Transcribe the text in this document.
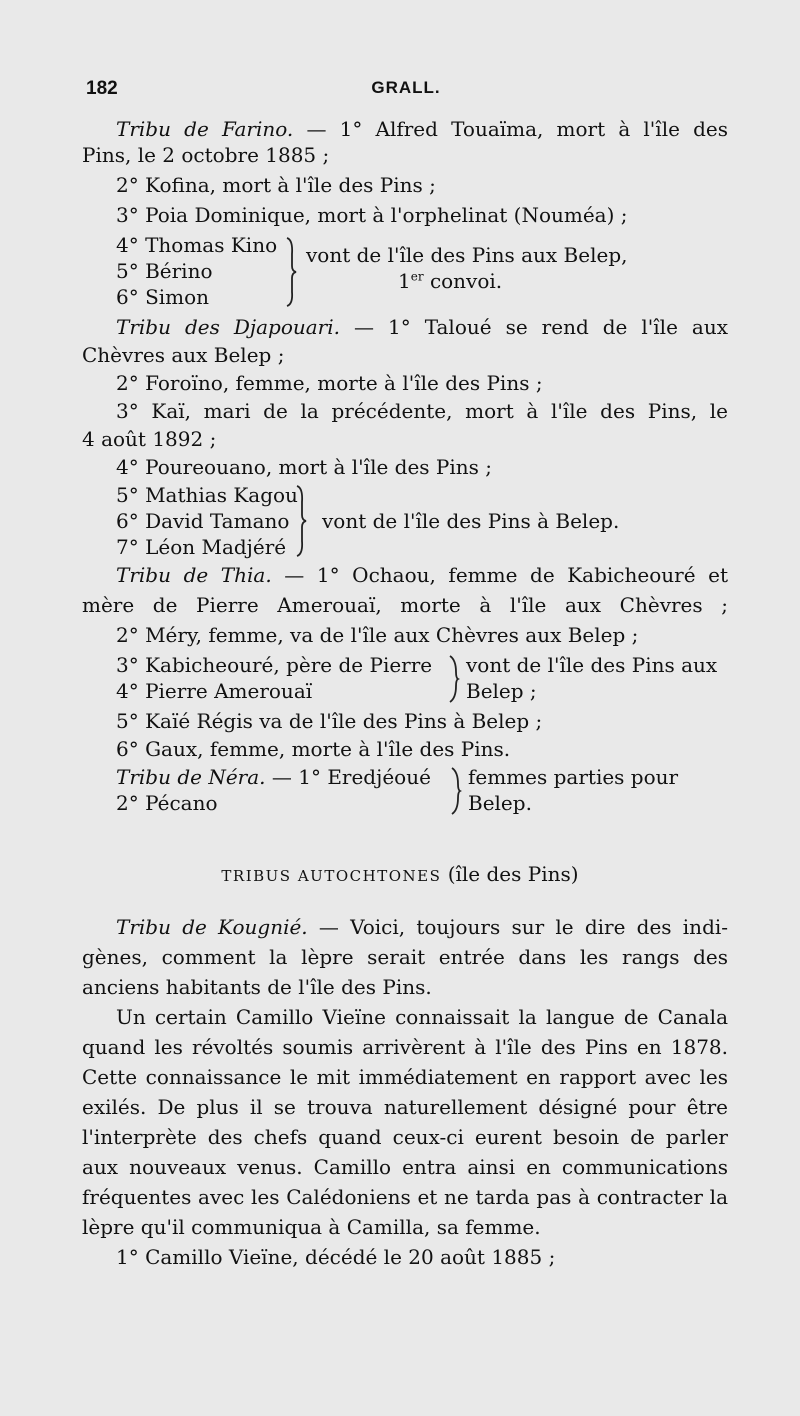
182	GRALL.
Tribu de Farino. — 1° Alfred Touaïma, mort à l'île des
Pins, le 2 octobre 1885 ;
2° Kofina, mort à l'île des Pins ;
3° Poia Dominique, mort à l'orphelinat (Nouméa) ;
4° Thomas Kino
5° Bérino
6° Simon
vont de l'île des Pins aux Belep,
1er convoi.
Tribu des Djapouari. — 1° Taloué se rend de l'île aux
Chèvres aux Belep ;
2° Foroïno, femme, morte à l'île des Pins ;
3° Kaï, mari de la précédente, mort à l'île des Pins, le
4 août 1892 ;
4° Poureouano, mort à l'île des Pins ;
5° Mathias Kagou
6° David Tamano
7° Léon Madjéré
vont de l'île des Pins à Belep.
Tribu de Thia. — 1° Ochaou, femme de Kabicheouré et
mère de Pierre Amerouaï, morte à l'île aux Chèvres ;
2° Méry, femme, va de l'île aux Chèvres aux Belep ;
3° Kabicheouré, père de Pierre
4° Pierre Amerouaï
vont de l'île des Pins aux
Belep ;
5° Kaïé Régis va de l'île des Pins à Belep ;
6° Gaux, femme, morte à l'île des Pins.
Tribu de Néra. — 1° Eredjéoué
2° Pécano
femmes parties pour
Belep.
TRIBUS AUTOCHTONES (île des Pins)
Tribu de Kougnié. — Voici, toujours sur le dire des indi-
gènes, comment la lèpre serait entrée dans les rangs des
anciens habitants de l'île des Pins.
Un certain Camillo Vieïne connaissait la langue de Canala
quand les révoltés soumis arrivèrent à l'île des Pins en 1878.
Cette connaissance le mit immédiatement en rapport avec les
exilés. De plus il se trouva naturellement désigné pour être
l'interprète des chefs quand ceux-ci eurent besoin de parler
aux nouveaux venus. Camillo entra ainsi en communications
fréquentes avec les Calédoniens et ne tarda pas à contracter la
lèpre qu'il communiqua à Camilla, sa femme.
1° Camillo Vieïne, décédé le 20 août 1885 ;
